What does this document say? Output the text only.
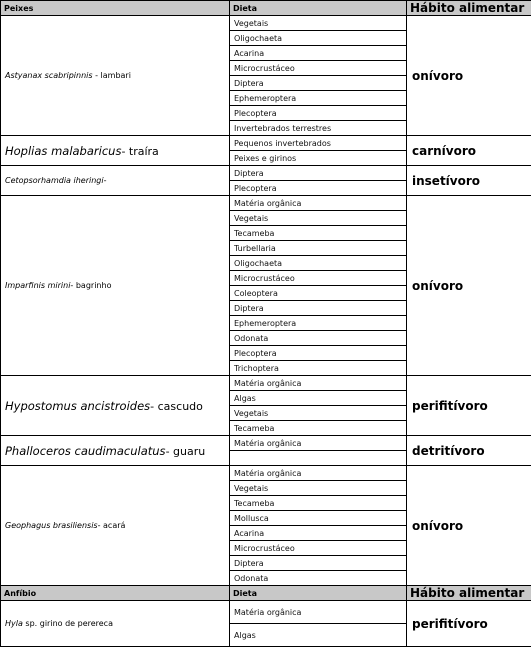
Peixes	Dieta	Hábito alimentar
Astyanax scabripinnis - lambari	Vegetais	onívoro
	Oligochaeta	
	Acarina	
	Microcrustáceo	
	Diptera	
	Ephemeroptera	
	Plecoptera	
	Invertebrados terrestres	
Hoplias malabaricus- traíra	Pequenos invertebrados	carnívoro
	Peixes e girinos	
Cetopsorhamdia iheringi-	Diptera	insetívoro
	Plecoptera	
Imparfinis mirini- bagrinho	Matéria orgânica	onívoro
	Vegetais	
	Tecameba	
	Turbellaria	
	Oligochaeta	
	Microcrustáceo	
	Coleoptera	
	Diptera	
	Ephemeroptera	
	Odonata	
	Plecoptera	
	Trichoptera	
Hypostomus ancistroides- cascudo	Matéria orgânica	perifitívoro
	Algas	
	Vegetais	
	Tecameba	
Phalloceros caudimaculatus- guaru	Matéria orgânica	detritívoro

Geophagus brasiliensis- acará	Matéria orgânica	onívoro
	Vegetais	
	Tecameba	
	Mollusca	
	Acarina	
	Microcrustáceo	
	Diptera	
	Odonata	
Anfíbio	Dieta	Hábito alimentar
Hyla sp. girino de perereca	Matéria orgânica	perifitívoro
	Algas	
